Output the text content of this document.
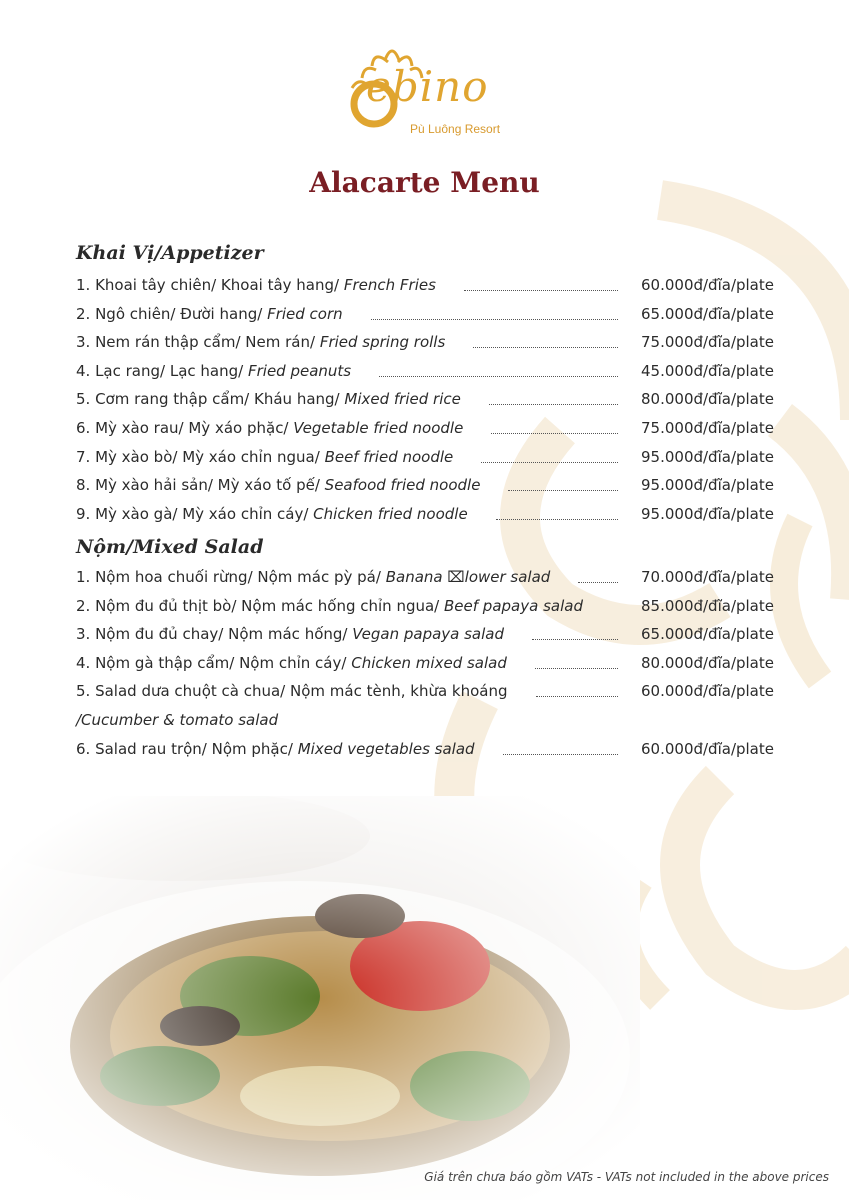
ebino
Pù Luông Resort
Alacarte Menu
Khai Vị/Appetizer
1. Khoai tây chiên/ Khoai tây hang/ French Fries	60.000đ/đĩa/plate
2. Ngô chiên/ Đười hang/ Fried corn	65.000đ/đĩa/plate
3. Nem rán thập cẩm/ Nem rán/ Fried spring rolls	75.000đ/đĩa/plate
4. Lạc rang/ Lạc hang/ Fried peanuts	45.000đ/đĩa/plate
5. Cơm rang thập cẩm/ Kháu hang/ Mixed fried rice	80.000đ/đĩa/plate
6. Mỳ xào rau/ Mỳ xáo phặc/ Vegetable fried noodle	75.000đ/đĩa/plate
7. Mỳ xào bò/ Mỳ xáo chỉn ngua/ Beef fried noodle	95.000đ/đĩa/plate
8. Mỳ xào hải sản/ Mỳ xáo tố pế/ Seafood fried noodle	95.000đ/đĩa/plate
9. Mỳ xào gà/ Mỳ xáo chỉn cáy/ Chicken fried noodle	95.000đ/đĩa/plate
Nộm/Mixed Salad
1. Nộm hoa chuối rừng/ Nộm mác pỳ pá/ Banana ⌧lower salad	70.000đ/đĩa/plate
2. Nộm đu đủ thịt bò/ Nộm mác hống chỉn ngua/ Beef papaya salad	85.000đ/đĩa/plate
3. Nộm đu đủ chay/ Nộm mác hống/ Vegan papaya salad	65.000đ/đĩa/plate
4. Nộm gà thập cẩm/ Nộm chỉn cáy/ Chicken mixed salad	80.000đ/đĩa/plate
5. Salad dưa chuột cà chua/ Nộm mác tènh, khừa khoáng	60.000đ/đĩa/plate
/Cucumber & tomato salad
6. Salad rau trộn/ Nộm phặc/ Mixed vegetables salad	60.000đ/đĩa/plate
Giá trên chưa báo gồm VATs - VATs not included in the above prices
